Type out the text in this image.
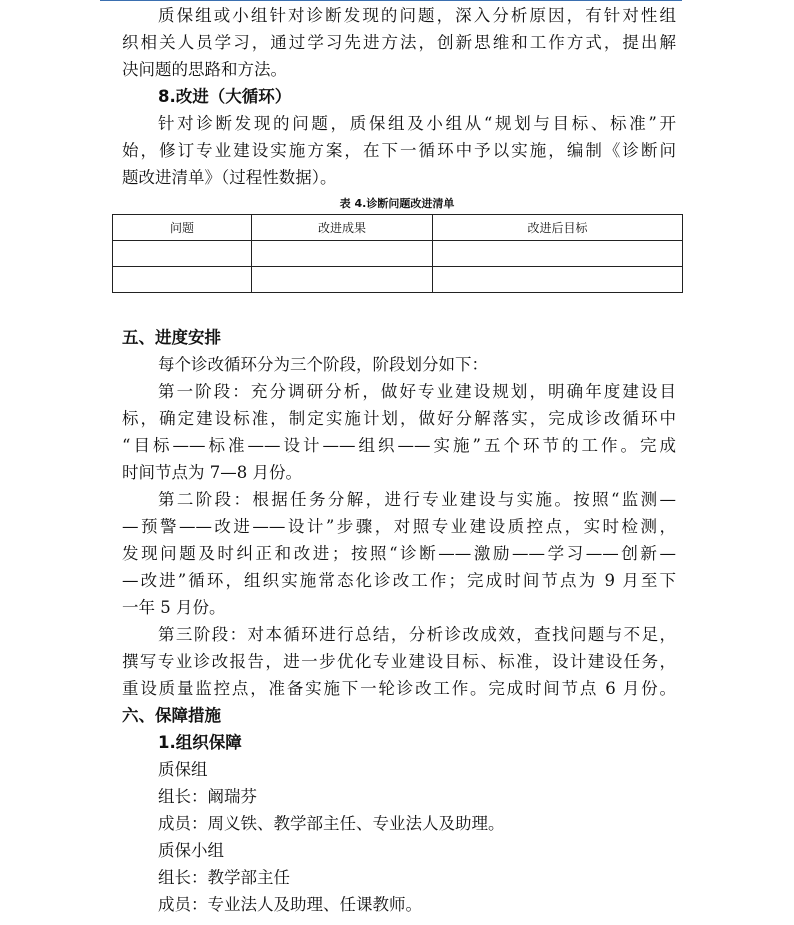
质保组或小组针对诊断发现的问题，深入分析原因，有针对性组
织相关人员学习，通过学习先进方法，创新思维和工作方式，提出解
决问题的思路和方法。
8.改进（大循环）
针对诊断发现的问题，质保组及小组从“规划与目标、标准”开
始，修订专业建设实施方案，在下一循环中予以实施，编制《诊断问
题改进清单》（过程性数据）。
表 4.诊断问题改进清单
问题	改进成果	改进后目标

五、进度安排
每个诊改循环分为三个阶段，阶段划分如下：
第一阶段：充分调研分析，做好专业建设规划，明确年度建设目
标，确定建设标准，制定实施计划，做好分解落实，完成诊改循环中
“目标——标准——设计——组织——实施”五个环节的工作。完成
时间节点为 7—8 月份。
第二阶段：根据任务分解，进行专业建设与实施。按照“监测—
—预警——改进——设计”步骤，对照专业建设质控点，实时检测，
发现问题及时纠正和改进；按照“诊断——激励——学习——创新—
—改进”循环，组织实施常态化诊改工作；完成时间节点为 9 月至下
一年 5 月份。
第三阶段：对本循环进行总结，分析诊改成效，查找问题与不足，
撰写专业诊改报告，进一步优化专业建设目标、标准，设计建设任务，
重设质量监控点，准备实施下一轮诊改工作。完成时间节点 6 月份。
六、保障措施
1.组织保障
质保组
组长：阚瑞芬
成员：周义铁、教学部主任、专业法人及助理。
质保小组
组长：教学部主任
成员：专业法人及助理、任课教师。
